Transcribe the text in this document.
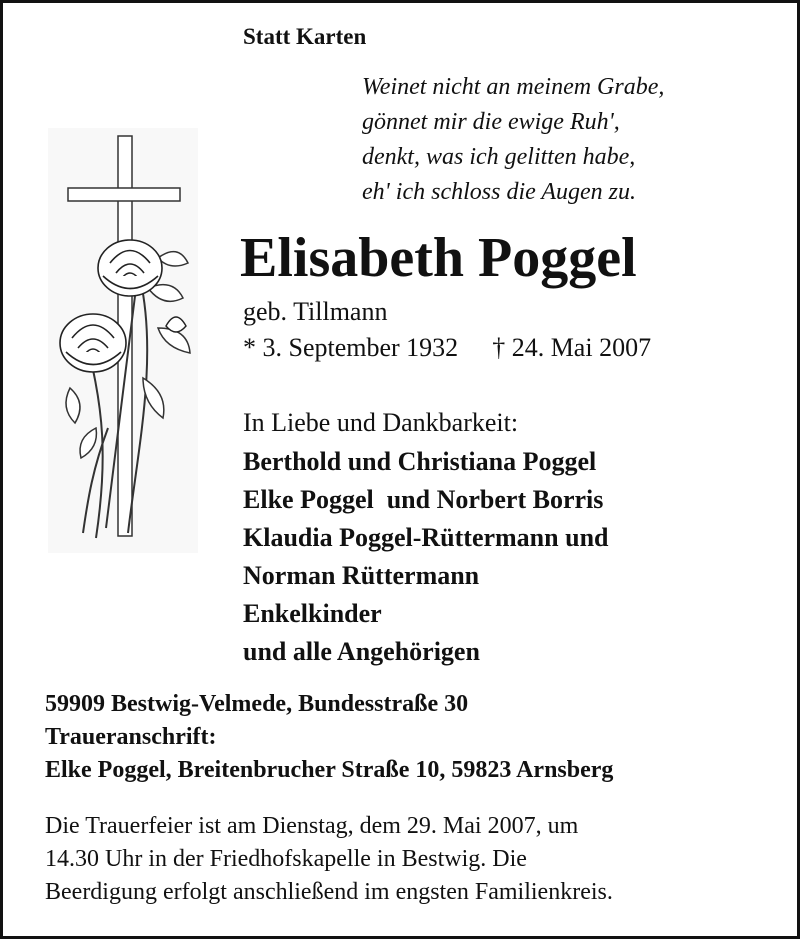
Statt Karten
Weinet nicht an meinem Grabe,
gönnet mir die ewige Ruh',
denkt, was ich gelitten habe,
eh' ich schloss die Augen zu.
Elisabeth Poggel
geb. Tillmann
* 3. September 1932 † 24. Mai 2007
In Liebe und Dankbarkeit:
Berthold und Christiana Poggel
Elke Poggel  und Norbert Borris
Klaudia Poggel-Rüttermann und
Norman Rüttermann
Enkelkinder
und alle Angehörigen
59909 Bestwig-Velmede, Bundesstraße 30
Traueranschrift:
Elke Poggel, Breitenbrucher Straße 10, 59823 Arnsberg
Die Trauerfeier ist am Dienstag, dem 29. Mai 2007, um
14.30 Uhr in der Friedhofskapelle in Bestwig. Die
Beerdigung erfolgt anschließend im engsten Familienkreis.
